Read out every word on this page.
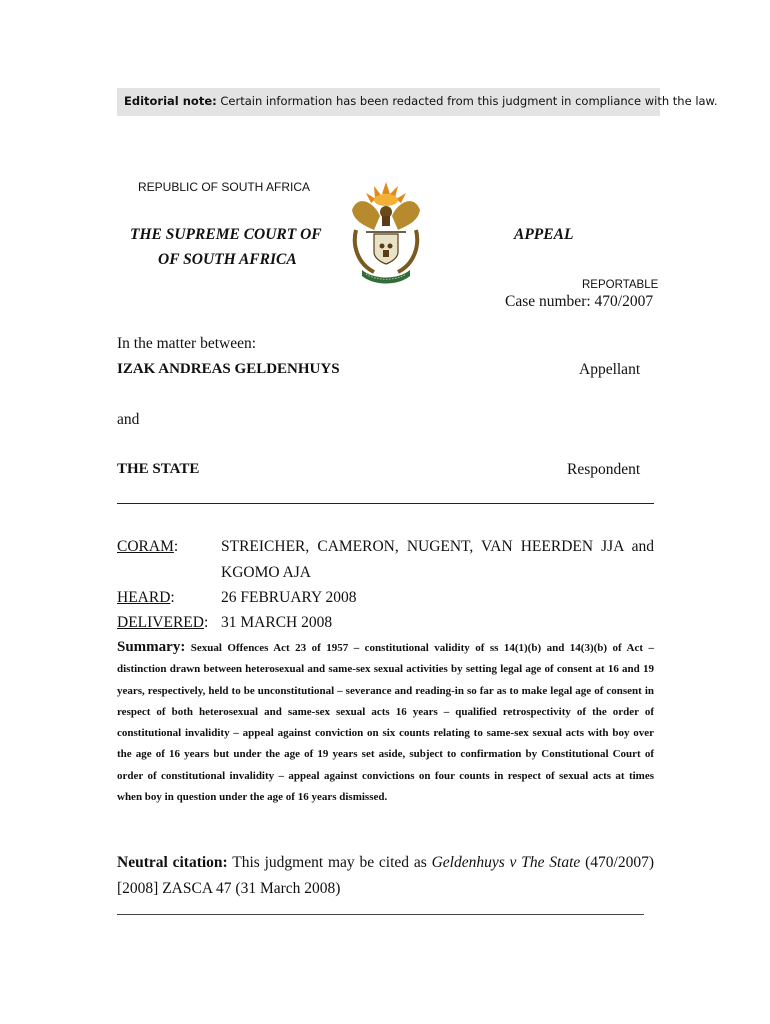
Editorial note: Certain information has been redacted from this judgment in compliance with the law.
REPUBLIC OF SOUTH AFRICA
THE SUPREME COURT OF	APPEAL
OF SOUTH AFRICA
REPORTABLE
Case number: 470/2007
In the matter between:
IZAK ANDREAS GELDENHUYS	Appellant
and
THE STATE	Respondent
CORAM:	STREICHER, CAMERON, NUGENT, VAN HEERDEN JJA and
KGOMO AJA
HEARD:	26 FEBRUARY 2008
DELIVERED: 31 MARCH 2008
Summary: Sexual Offences Act 23 of 1957 – constitutional validity of ss 14(1)(b) and 14(3)(b) of Act – distinction drawn between heterosexual and same-sex sexual activities by setting legal age of consent at 16 and 19 years, respectively, held to be unconstitutional – severance and reading-in so far as to make legal age of consent in respect of both heterosexual and same-sex sexual acts 16 years – qualified retrospectivity of the order of constitutional invalidity – appeal against conviction on six counts relating to same-sex sexual acts with boy over the age of 16 years but under the age of 19 years set aside, subject to confirmation by Constitutional Court of order of constitutional invalidity – appeal against convictions on four counts in respect of sexual acts at times when boy in question under the age of 16 years dismissed.
Neutral citation: This judgment may be cited as Geldenhuys v The State (470/2007) [2008] ZASCA 47 (31 March 2008)
